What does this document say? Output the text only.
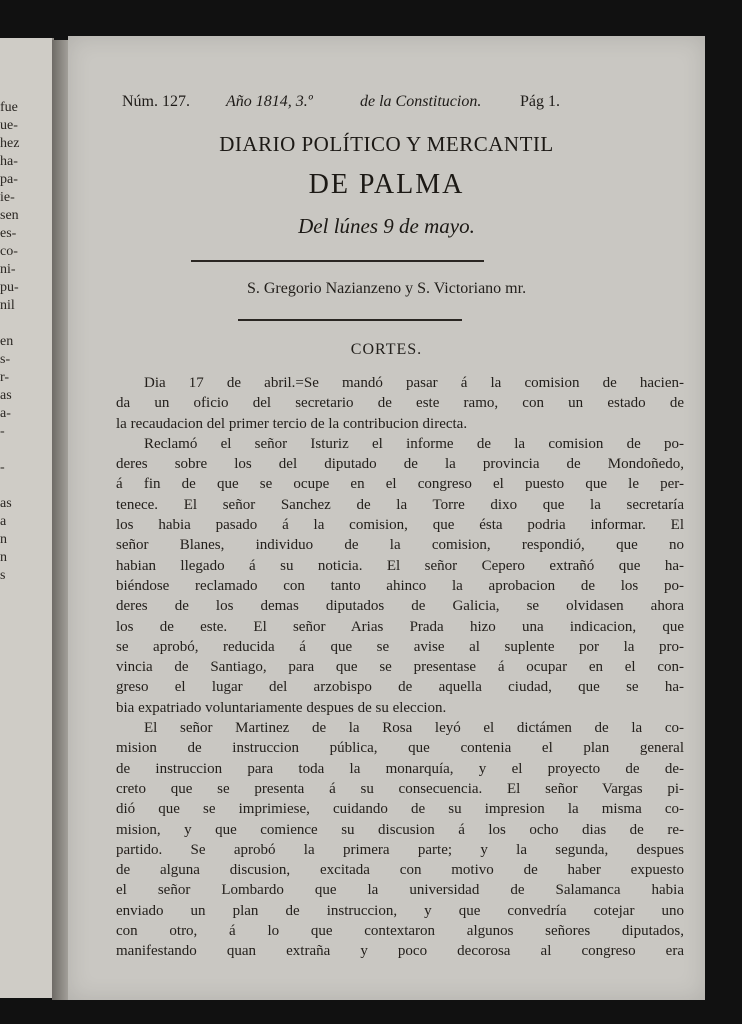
fue
ue-
hez
ha-
pa-
ie-
sen
es-
co-
ni-
pu-
nil
en
s-
r-
as
a-
-
-
as
a
n
n
s
Núm. 127. Año 1814, 3.º	de la Constitucion. Pág 1.
DIARIO POLÍTICO Y MERCANTIL
DE PALMA
Del lúnes 9 de mayo.
S. Gregorio Nazianzeno y S. Victoriano mr.
CORTES.
Dia 17 de abril.=Se mandó pasar á la comision de hacien-
da un oficio del secretario de este ramo, con un estado de
la recaudacion del primer tercio de la contribucion directa.
Reclamó el señor Isturiz el informe de la comision de po-
deres sobre los del diputado de la provincia de Mondoñedo,
á fin de que se ocupe en el congreso el puesto que le per-
tenece. El señor Sanchez de la Torre dixo que la secretaría
los habia pasado á la comision, que ésta podria informar. El
señor Blanes, individuo de la comision, respondió, que no
habian llegado á su noticia. El señor Cepero extrañó que ha-
biéndose reclamado con tanto ahinco la aprobacion de los po-
deres de los demas diputados de Galicia, se olvidasen ahora
los de este. El señor Arias Prada hizo una indicacion, que
se aprobó, reducida á que se avise al suplente por la pro-
vincia de Santiago, para que se presentase á ocupar en el con-
greso el lugar del arzobispo de aquella ciudad, que se ha-
bia expatriado voluntariamente despues de su eleccion.
El señor Martinez de la Rosa leyó el dictámen de la co-
mision de instruccion pública, que contenia el plan general
de instruccion para toda la monarquía, y el proyecto de de-
creto que se presenta á su consecuencia. El señor Vargas pi-
dió que se imprimiese, cuidando de su impresion la misma co-
mision, y que comience su discusion á los ocho dias de re-
partido. Se aprobó la primera parte; y la segunda, despues
de alguna discusion, excitada con motivo de haber expuesto
el señor Lombardo que la universidad de Salamanca habia
enviado un plan de instruccion, y que convedría cotejar uno
con otro, á lo que contextaron algunos señores diputados,
manifestando quan extraña y poco decorosa al congreso era
